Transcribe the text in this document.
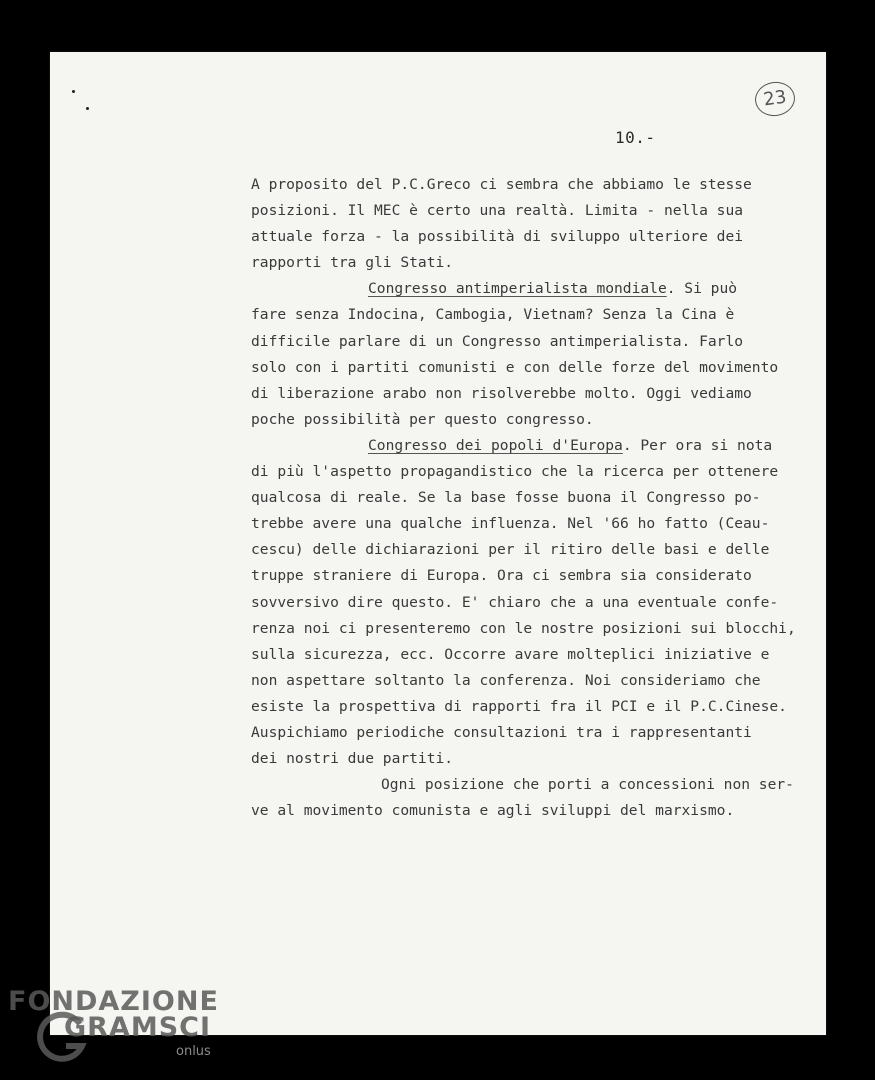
23
10.-
A proposito del P.C.Greco ci sembra che abbiamo le stesse
posizioni. Il MEC è certo una realtà. Limita - nella sua
attuale forza - la possibilità di sviluppo ulteriore dei
rapporti tra gli Stati.
Congresso antimperialista mondiale. Si può
fare senza Indocina, Cambogia, Vietnam? Senza la Cina è
difficile parlare di un Congresso antimperialista. Farlo
solo con i partiti comunisti e con delle forze del movimento
di liberazione arabo non risolverebbe molto. Oggi vediamo
poche possibilità per questo congresso.
Congresso dei popoli d'Europa. Per ora si nota
di più l'aspetto propagandistico che la ricerca per ottenere
qualcosa di reale. Se la base fosse buona il Congresso po-
trebbe avere una qualche influenza. Nel '66 ho fatto (Ceau-
cescu) delle dichiarazioni per il ritiro delle basi e delle
truppe straniere di Europa. Ora ci sembra sia considerato
sovversivo dire questo. E' chiaro che a una eventuale confe-
renza noi ci presenteremo con le nostre posizioni sui blocchi,
sulla sicurezza, ecc. Occorre avare molteplici iniziative e
non aspettare soltanto la conferenza. Noi consideriamo che
esiste la prospettiva di rapporti fra il PCI e il P.C.Cinese.
Auspichiamo periodiche consultazioni tra i rappresentanti
dei nostri due partiti.
Ogni posizione che porti a concessioni non ser-
ve al movimento comunista e agli sviluppi del marxismo.
FONDAZIONE
GRAMSCI
onlus
